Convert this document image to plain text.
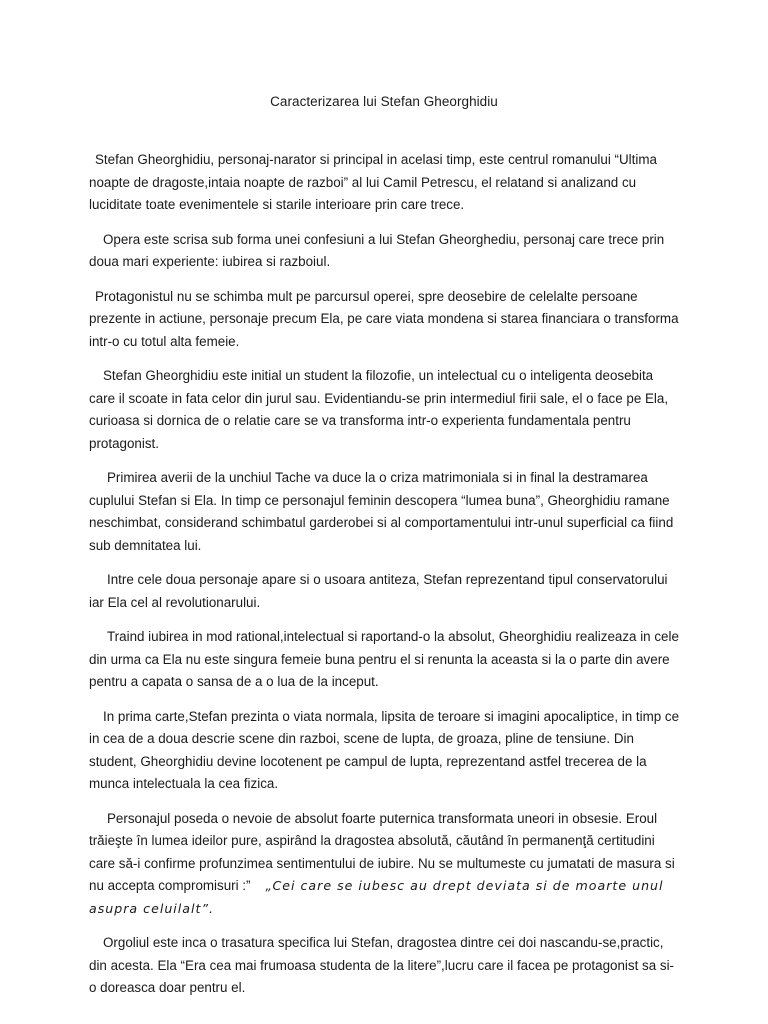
Caracterizarea lui Stefan Gheorghidiu

Stefan Gheorghidiu, personaj-narator si principal in acelasi timp, este centrul romanului “Ultima noapte de dragoste,intaia noapte de razboi” al lui Camil Petrescu, el relatand si analizand cu luciditate toate evenimentele si starile interioare prin care trece.

Opera este scrisa sub forma unei confesiuni a lui Stefan Gheorghediu, personaj care trece prin doua mari experiente: iubirea si razboiul.

Protagonistul nu se schimba mult pe parcursul operei, spre deosebire de celelalte persoane prezente in actiune, personaje precum Ela, pe care viata mondena si starea financiara o transforma intr-o cu totul alta femeie.

Stefan Gheorghidiu este initial un student la filozofie, un intelectual cu o inteligenta deosebita care il scoate in fata celor din jurul sau. Evidentiandu-se prin intermediul firii sale, el o face pe Ela, curioasa si dornica de o relatie care se va transforma intr-o experienta fundamentala pentru protagonist.

Primirea averii de la unchiul Tache va duce la o criza matrimoniala si in final la destramarea cuplului Stefan si Ela. In timp ce personajul feminin descopera “lumea buna”, Gheorghidiu ramane neschimbat, considerand schimbatul garderobei si al comportamentului intr-unul superficial ca fiind sub demnitatea lui.

Intre cele doua personaje apare si o usoara antiteza, Stefan reprezentand tipul conservatorului iar Ela cel al revolutionarului.

Traind iubirea in mod rational,intelectual si raportand-o la absolut, Gheorghidiu realizeaza in cele din urma ca Ela nu este singura femeie buna pentru el si renunta la aceasta si la o parte din avere pentru a capata o sansa de a o lua de la inceput.

In prima carte,Stefan prezinta o viata normala, lipsita de teroare si imagini apocaliptice, in timp ce in cea de a doua descrie scene din razboi, scene de lupta, de groaza, pline de tensiune. Din student, Gheorghidiu devine locotenent pe campul de lupta, reprezentand astfel trecerea de la munca intelectuala la cea fizica.

Personajul poseda o nevoie de absolut foarte puternica transformata uneori in obsesie. Eroul trăieşte în lumea ideilor pure, aspirând la dragostea absolută, căutând în permanenţă certitudini care să-i confirme profunzimea sentimentului de iubire. Nu se multumeste cu jumatati de masura si nu accepta compromisuri :” „Cei care se iubesc au drept deviata si de moarte unul asupra celuilalt”.

Orgoliul este inca o trasatura specifica lui Stefan, dragostea dintre cei doi nascandu-se,practic, din acesta. Ela “Era cea mai frumoasa studenta de la litere”,lucru care il facea pe protagonist sa si-o doreasca doar pentru el.
